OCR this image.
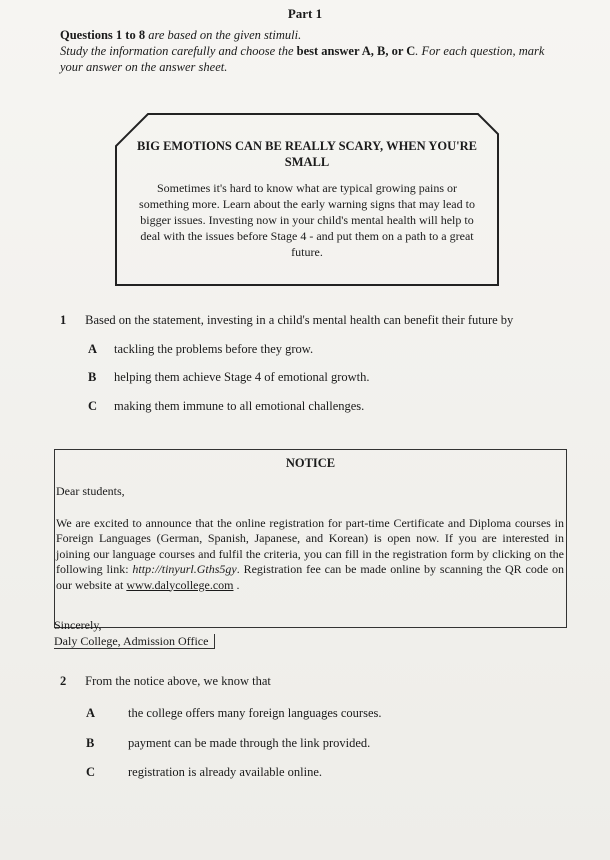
Part 1
Questions 1 to 8 are based on the given stimuli.
Study the information carefully and choose the best answer A, B, or C. For each question, mark your answer on the answer sheet.
BIG EMOTIONS CAN BE REALLY SCARY, WHEN YOU'RE SMALL
Sometimes it's hard to know what are typical growing pains or something more. Learn about the early warning signs that may lead to bigger issues. Investing now in your child's mental health will help to deal with the issues before Stage 4 - and put them on a path to a great future.
1 Based on the statement, investing in a child's mental health can benefit their future by
A tackling the problems before they grow.
B helping them achieve Stage 4 of emotional growth.
C making them immune to all emotional challenges.
NOTICE

Dear students,

We are excited to announce that the online registration for part-time Certificate and Diploma courses in Foreign Languages (German, Spanish, Japanese, and Korean) is open now. If you are interested in joining our language courses and fulfil the criteria, you can fill in the registration form by clicking on the following link: http://tinyurl.Gths5gy. Registration fee can be made online by scanning the QR code on our website at www.dalycollege.com .

Sincerely,
Daly College, Admission Office
2 From the notice above, we know that
A	the college offers many foreign languages courses.
B	payment can be made through the link provided.
C	registration is already available online.
